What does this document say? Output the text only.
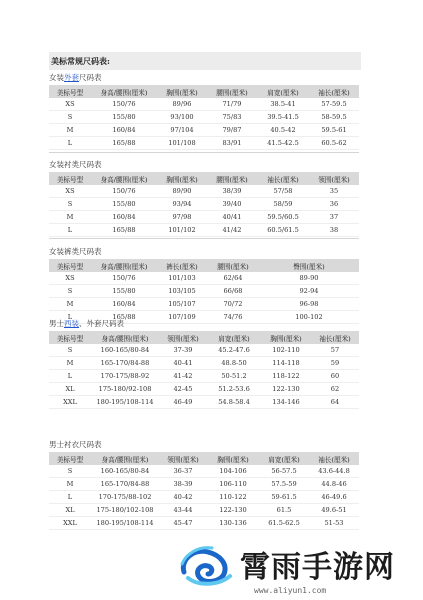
美标常规尺码表:
女装外套尺码表
美标号型	身高/腰围(厘米)	胸围(厘米)	腰围(厘米)	肩宽(厘米)	袖长(厘米)
XS	150/76	89/96	71/79	38.5-41	57-59.5
S	155/80	93/100	75/83	39.5-41.5	58-59.5
M	160/84	97/104	79/87	40.5-42	59.5-61
L	165/88	101/108	83/91	41.5-42.5	60.5-62
女装衬类尺码表
美标号型	身高/腰围(厘米)	胸围(厘米)	腰围(厘米)	袖长(厘米)	领围(厘米)
XS	150/76	89/90	38/39	57/58	35
S	155/80	93/94	39/40	58/59	36
M	160/84	97/98	40/41	59.5/60.5	37
L	165/88	101/102	41/42	60.5/61.5	38
女装裤类尺码表
美标号型	身高/腰围(厘米)	裤长(厘米)	腰围(厘米)	臀围(厘米)
XS	150/76	101/103	62/64	89-90
S	155/80	103/105	66/68	92-94
M	160/84	105/107	70/72	96-98
L	165/88	107/109	74/76	100-102
男士西装、外套尺码表
美标号型	身高/腰围(厘米)	领围(厘米)	肩宽(厘米)	胸围(厘米)	袖长(厘米)
S	160-165/80-84	37-39	45.2-47.6	102-110	57
M	165-170/84-88	40-41	48.8-50	114-118	59
L	170-175/88-92	41-42	50-51.2	118-122	60
XL	175-180/92-108	42-45	51.2-53.6	122-130	62
XXL	180-195/108-114	46-49	54.8-58.4	134-146	64
男士衬衣尺码表
美标号型	身高/腰围(厘米)	领围(厘米)	胸围(厘米)	肩宽(厘米)	袖长(厘米)
S	160-165/80-84	36-37	104-106	56-57.5	43.6-44.8
M	165-170/84-88	38-39	106-110	57.5-59	44.8-46
L	170-175/88-102	40-42	110-122	59-61.5	46-49.6
XL	175-180/102-108	43-44	122-130	61.5	49.6-51
XXL	180-195/108-114	45-47	130-136	61.5-62.5	51-53
霄雨手游网
www.aliyun1.com
